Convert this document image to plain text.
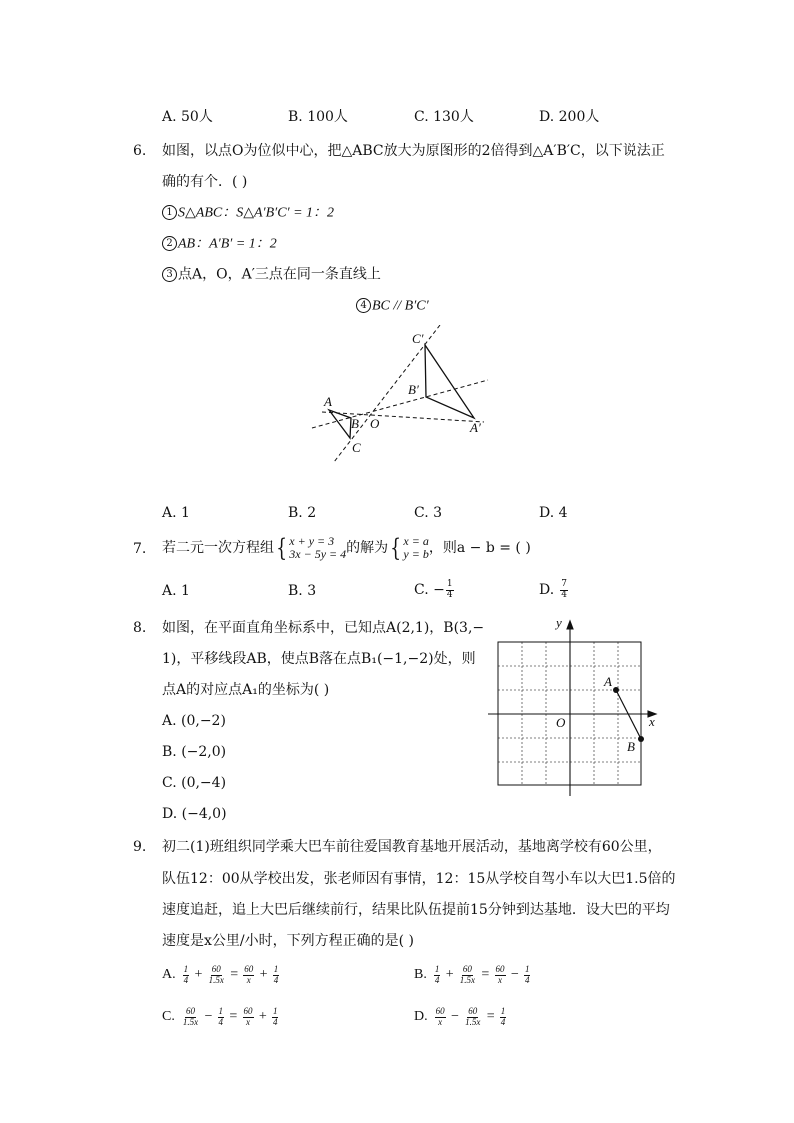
A. 50人	B. 100人	C. 130人	D. 200人
6. 如图，以点O为位似中心，把△ABC放大为原图形的2倍得到△A′B′C，以下说法正
确的有个．( )
1 S△ABC：S△A′B′C′ = 1：2
2 AB：A′B′ = 1：2
3 点A，O，A′三点在同一条直线上
4 BC // B′C′
A
B
C
O	A′
B′
C′
A. 1	B. 2	C. 3	D. 4
7. 若二元一次方程组 { x + y = 3
3x − 5y = 4 的解为 { x = a
y = b ，则a − b = ( )
A. 1	B. 3	C. − $\frac{1}{4}$	D. $\frac{7}{4}$
8. 如图，在平面直角坐标系中，已知点A(2,1)，B(3,−
1)，平移线段AB，使点B落在点B₁(−1,−2)处，则
点A的对应点A₁的坐标为( )
A. (0,−2)
B. (−2,0)
C. (0,−4)
D. (−4,0)
y
x
O
A
B
9. 初二(1)班组织同学乘大巴车前往爱国教育基地开展活动，基地离学校有60公里，
队伍12：00从学校出发，张老师因有事情，12：15从学校自驾小车以大巴1.5倍的
速度追赶，追上大巴后继续前行，结果比队伍提前15分钟到达基地．设大巴的平均
速度是x公里/小时，下列方程正确的是( )
A. $\frac{1}{4} + \frac{60}{1.5x} = \frac{60}{x} + \frac{1}{4}$	B. $\frac{1}{4} + \frac{60}{1.5x} = \frac{60}{x} - \frac{1}{4}$
C. $\frac{60}{1.5x} - \frac{1}{4} = \frac{60}{x} + \frac{1}{4}$	D. $\frac{60}{x} - \frac{60}{1.5x} = \frac{1}{4}$
